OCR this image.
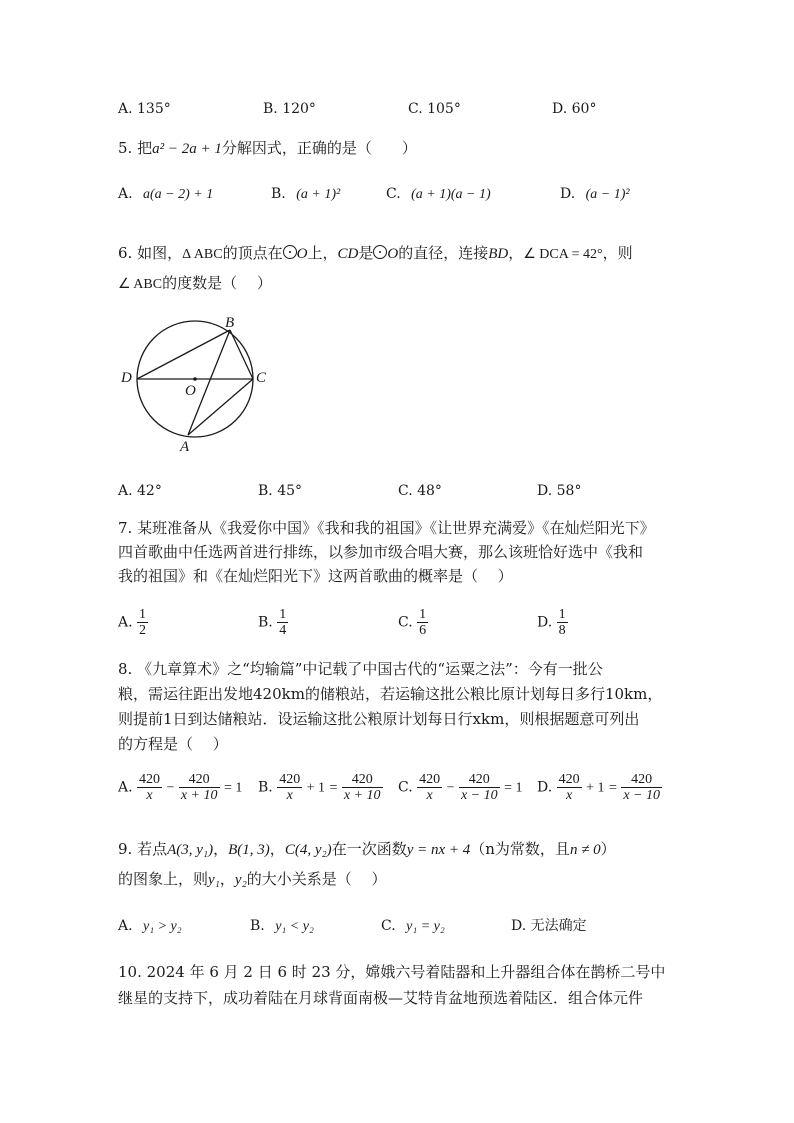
A. 135°	B. 120°	C. 105°	D. 60°
5. 把a² − 2a + 1分解因式，正确的是（　　）
A. a(a − 2) + 1	B. (a + 1)²	C. (a + 1)(a − 1)	D. (a − 1)²
6. 如图，Δ ABC的顶点在 O上，CD是 O的直径，连接BD，∠ DCA = 42°，则
∠ ABC的度数是（　 ）
B
D
O
C
A
A. 42°	B. 45°	C. 48°	D. 58°
7. 某班准备从《我爱你中国》《我和我的祖国》《让世界充满爱》《在灿烂阳光下》
四首歌曲中任选两首进行排练，以参加市级合唱大赛，那么该班恰好选中《我和
我的祖国》和《在灿烂阳光下》这两首歌曲的概率是（　 ）
A. $\frac{1}{2}$	B. $\frac{1}{4}$	C. $\frac{1}{6}$	D. $\frac{1}{8}$
8. 《九章算术》之“均输篇”中记载了中国古代的“运粟之法”：今有一批公
粮，需运往距出发地420km的储粮站，若运输这批公粮比原计划每日多行10km，
则提前1日到达储粮站．设运输这批公粮原计划每日行xkm，则根据题意可列出
的方程是（　 ）
A. $\frac{420}{x} - \frac{420}{x + 10} = 1$ B. $\frac{420}{x} + 1 = \frac{420}{x + 10} C$. $\frac{420}{x} - \frac{420}{x - 10} = 1$ D. $\frac{420}{x} + 1 = \frac{420}{x - 10}$
9. 若点A(3, y₁)，B(1, 3)，C(4, y₂)在一次函数y = nx + 4（n为常数，且n ≠ 0）
的图象上，则y₁，y₂的大小关系是（　 ）
A. y₁ > y₂	B. y₁ < y₂	C. y₁ = y₂	D. 无法确定
10. 2024 年 6 月 2 日 6 时 23 分，嫦娥六号着陆器和上升器组合体在鹊桥二号中
继星的支持下，成功着陆在月球背面南极—艾特肯盆地预选着陆区．组合体元件
